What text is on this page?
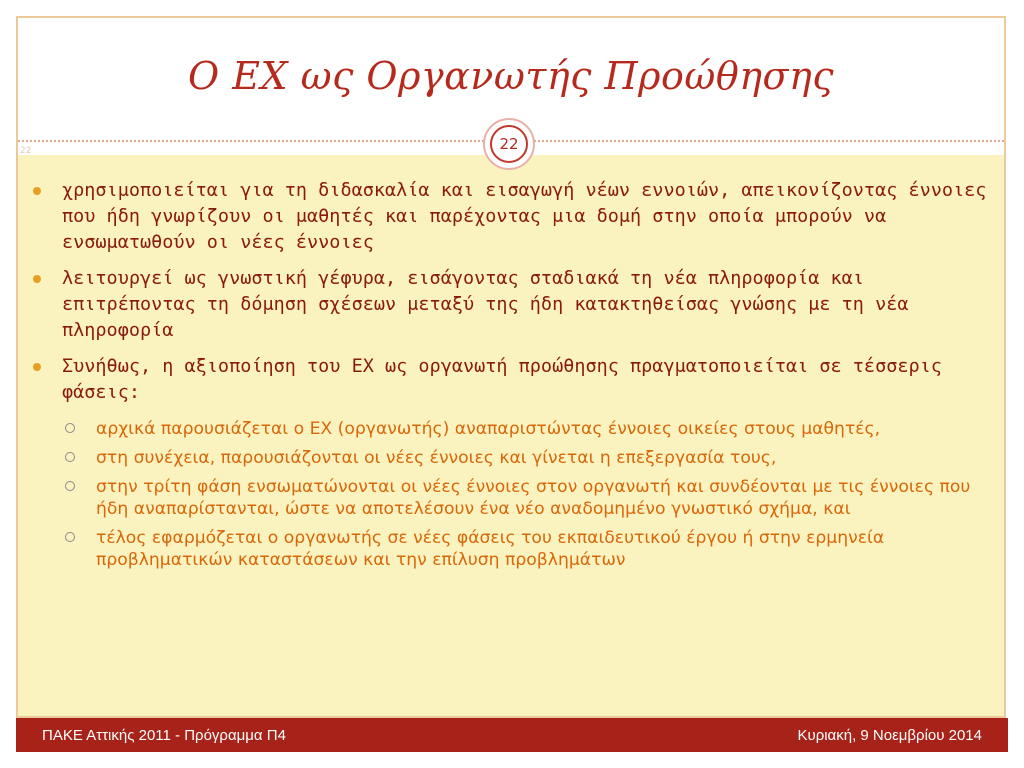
Ο ΕΧ ως Οργανωτής Προώθησης
22	22
χρησιμοποιείται για τη διδασκαλία και εισαγωγή νέων εννοιών, απεικονίζοντας έννοιες που ήδη γνωρίζουν οι μαθητές και παρέχοντας μια δομή στην οποία μπορούν να ενσωματωθούν οι νέες έννοιες
λειτουργεί ως γνωστική γέφυρα, εισάγοντας σταδιακά τη νέα πληροφορία και επιτρέποντας τη δόμηση σχέσεων μεταξύ της ήδη κατακτηθείσας γνώσης με τη νέα πληροφορία
Συνήθως, η αξιοποίηση του ΕΧ ως οργανωτή προώθησης πραγματοποιείται σε τέσσερις φάσεις:
αρχικά παρουσιάζεται ο ΕΧ (οργανωτής) αναπαριστώντας έννοιες οικείες στους μαθητές,
στη συνέχεια, παρουσιάζονται οι νέες έννοιες και γίνεται η επεξεργασία τους,
στην τρίτη φάση ενσωματώνονται οι νέες έννοιες στον οργανωτή και συνδέονται με τις έννοιες που ήδη αναπαρίστανται, ώστε να αποτελέσουν ένα νέο αναδομημένο γνωστικό σχήμα, και
τέλος εφαρμόζεται ο οργανωτής σε νέες φάσεις του εκπαιδευτικού έργου ή στην ερμηνεία προβληματικών καταστάσεων και την επίλυση προβλημάτων
ΠΑΚΕ Αττικής 2011 - Πρόγραμμα Π4	Κυριακή, 9 Νοεμβρίου 2014
